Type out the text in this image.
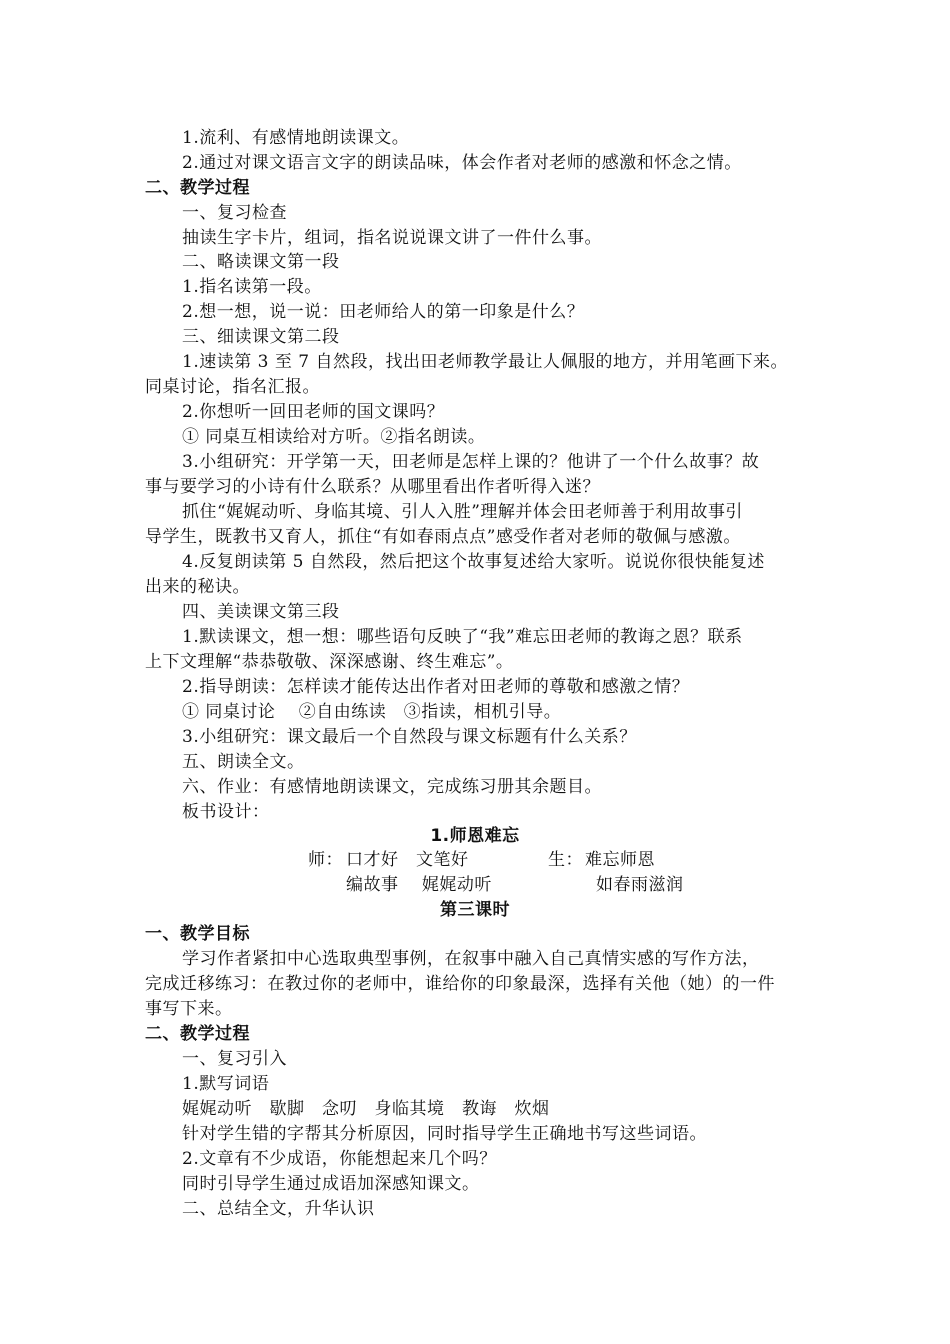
1.流利、有感情地朗读课文。
2.通过对课文语言文字的朗读品味，体会作者对老师的感激和怀念之情。
二、教学过程
一、复习检查
抽读生字卡片，组词，指名说说课文讲了一件什么事。
二、略读课文第一段
1.指名读第一段。
2.想一想，说一说：田老师给人的第一印象是什么？
三、细读课文第二段
1.速读第 3 至 7 自然段，找出田老师教学最让人佩服的地方，并用笔画下来。
同桌讨论，指名汇报。
2.你想听一回田老师的国文课吗？
① 同桌互相读给对方听。②指名朗读。
3.小组研究：开学第一天，田老师是怎样上课的？他讲了一个什么故事？故
事与要学习的小诗有什么联系？从哪里看出作者听得入迷？
抓住“娓娓动听、身临其境、引人入胜”理解并体会田老师善于利用故事引
导学生，既教书又育人，抓住“有如春雨点点”感受作者对老师的敬佩与感激。
4.反复朗读第 5 自然段，然后把这个故事复述给大家听。说说你很快能复述
出来的秘诀。
四、美读课文第三段
1.默读课文，想一想：哪些语句反映了“我”难忘田老师的教诲之恩？联系
上下文理解“恭恭敬敬、深深感谢、终生难忘”。
2.指导朗读：怎样读才能传达出作者对田老师的尊敬和感激之情？
① 同桌讨论　 ②自由练读　③指读，相机引导。
3.小组研究：课文最后一个自然段与课文标题有什么关系？
五、朗读全文。
六、作业：有感情地朗读课文，完成练习册其余题目。
板书设计：
1.师恩难忘
师： 口才好　文笔好
编故事　 娓娓动听
生： 难忘师恩
如春雨滋润
第三课时
一、教学目标
学习作者紧扣中心选取典型事例，在叙事中融入自己真情实感的写作方法，
完成迁移练习：在教过你的老师中，谁给你的印象最深，选择有关他（她）的一件
事写下来。
二、教学过程
一、复习引入
1.默写词语
娓娓动听　歇脚　念叨　身临其境　教诲　炊烟
针对学生错的字帮其分析原因，同时指导学生正确地书写这些词语。
2.文章有不少成语，你能想起来几个吗？
同时引导学生通过成语加深感知课文。
二、总结全文，升华认识
